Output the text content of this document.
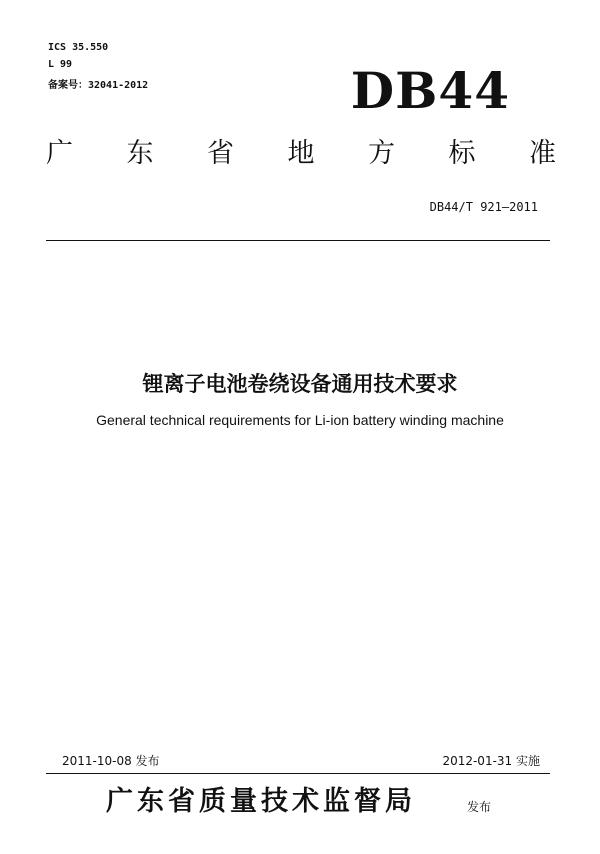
ICS 35.550
L 99
备案号：32041-2012	DB44
广 东 省 地 方 标 准
DB44/T 921—2011
锂离子电池卷绕设备通用技术要求
General technical requirements for Li-ion battery winding machine
2011-10-08 发布	2012-01-31 实施
广东省质量技术监督局	发布
